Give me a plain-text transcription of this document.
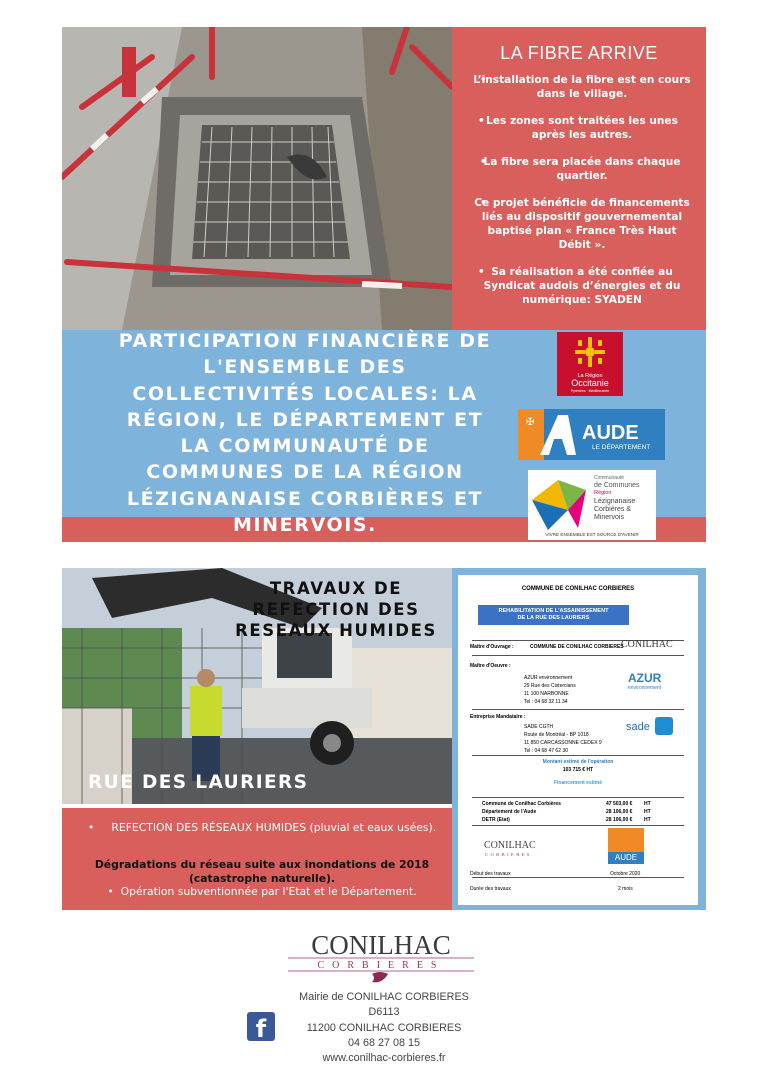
LA FIBRE ARRIVE
• L’installation de la fibre est en cours dans le village.
• Les zones sont traitées les unes après les autres.
• La fibre sera placée dans chaque quartier.
• Ce projet bénéficie de financements liés au dispositif gouvernemental baptisé plan « France Très Haut Débit ».
• Sa réalisation a été confiée au Syndicat audois d’énergies et du numérique: SYADEN
PARTICIPATION FINANCIÈRE DE
L'ENSEMBLE DES
COLLECTIVITÉS LOCALES: LA
RÉGION, LE DÉPARTEMENT ET
LA COMMUNAUTÉ DE
COMMUNES DE LA RÉGION
LÉZIGNANAISE CORBIÈRES ET
MINERVOIS.
La Région
Occitanie
Pyrénées · Méditerranée
✠ AUDE
LE DÉPARTEMENT
Communauté
de Communes
Région
Lézignanaise
Corbières &
Minervois
VIVRE ENSEMBLE EST SOURCE D'AVENIR
TRAVAUX DE
REFECTION DES
RESEAUX HUMIDES
RUE DES LAURIERS
•     REFECTION DES RÉSEAUX HUMIDES (pluvial et eaux usées).
Dégradations du réseau suite aux inondations de 2018 (catastrophe naturelle).
•  Opération subventionnée par l'Etat et le Département.
COMMUNE DE CONILHAC CORBIERES
REHABILITATION DE L'ASSAINISSEMENT
DE LA RUE DES LAURIERS
Maître d'Ouvrage :	COMMUNE DE CONILHAC CORBIERES
CONILHAC
Maître d'Oeuvre :
AZUR environnement
29 Rue des Cistercians
11 100 NARBONNE
Tel : 04 68 32 11 34
AZUR
environnement
Entreprise Mandataire :
SADE CGTH
Route de Montréal - BP 1018
11 850 CARCASSONNE CEDEX 9
Tel : 04 68 47 62 30
sade
Montant estimé de l'opération
103 715 € HT
Financement estimé
Commune de Conilhac Corbières	47 503,00 € HT
Département de l'Aude	28 106,00 € HT
DETR (Etat)	28 106,00 € HT
CONILHAC
CORBIERES	AUDE
Début des travaux	Octobre 2020
Durée des travaux	2 mois
CONILHAC
CORBIERES
f
Mairie de CONILHAC CORBIERES
D6113
11200 CONILHAC CORBIERES
04 68 27 08 15
www.conilhac-corbieres.fr
